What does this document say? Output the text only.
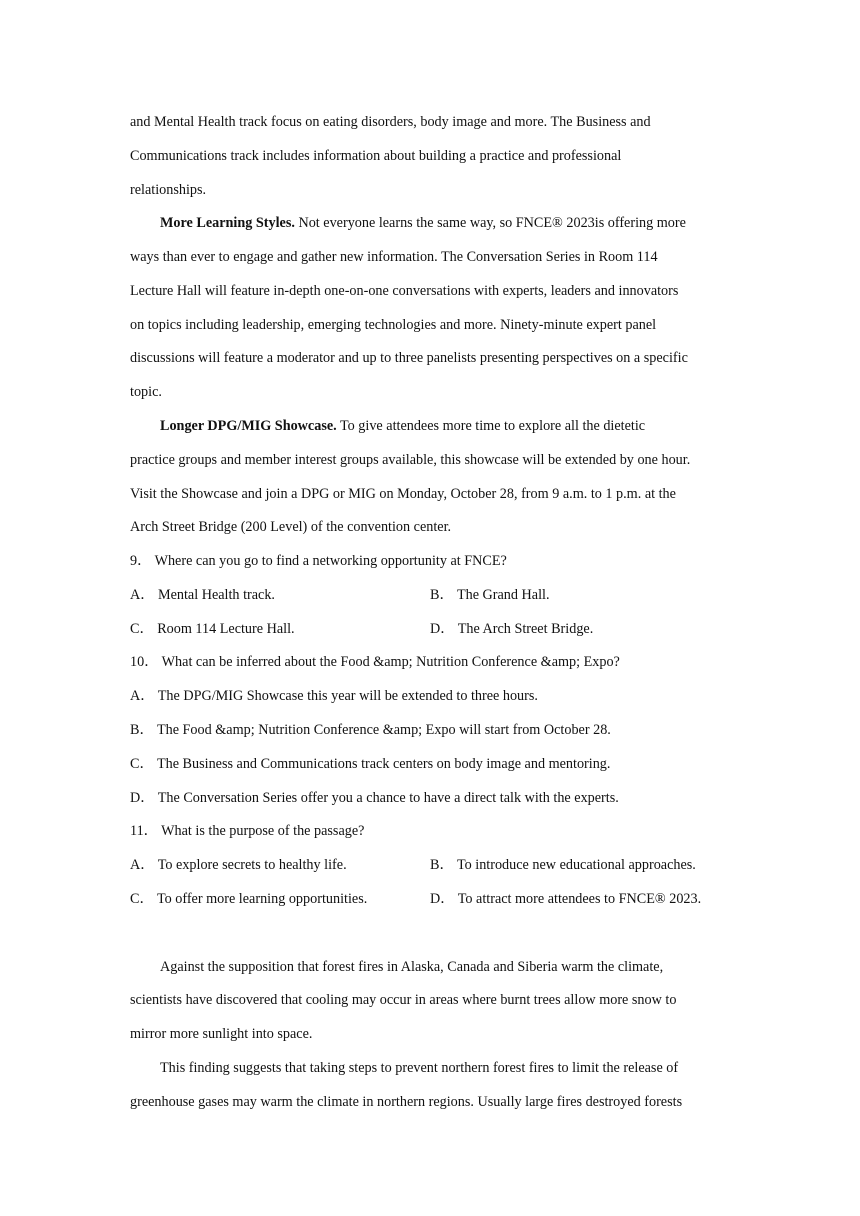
and Mental Health track focus on eating disorders, body image and more. The Business and
Communications track includes information about building a practice and professional
relationships.
More Learning Styles. Not everyone learns the same way, so FNCE® 2023is offering more
ways than ever to engage and gather new information. The Conversation Series in Room 114
Lecture Hall will feature in-depth one-on-one conversations with experts, leaders and innovators
on topics including leadership, emerging technologies and more. Ninety-minute expert panel
discussions will feature a moderator and up to three panelists presenting perspectives on a specific
topic.
Longer DPG/MIG Showcase. To give attendees more time to explore all the dietetic
practice groups and member interest groups available, this showcase will be extended by one hour.
Visit the Showcase and join a DPG or MIG on Monday, October 28, from 9 a.m. to 1 p.m. at the
Arch Street Bridge (200 Level) of the convention center.
9． Where can you go to find a networking opportunity at FNCE?
A． Mental Health track.	B． The Grand Hall.
C． Room 114 Lecture Hall.	D． The Arch Street Bridge.
10． What can be inferred about the Food &amp; Nutrition Conference &amp; Expo?
A． The DPG/MIG Showcase this year will be extended to three hours.
B． The Food &amp; Nutrition Conference &amp; Expo will start from October 28.
C． The Business and Communications track centers on body image and mentoring.
D． The Conversation Series offer you a chance to have a direct talk with the experts.
11． What is the purpose of the passage?
A． To explore secrets to healthy life.	B． To introduce new educational approaches.
C． To offer more learning opportunities.	D． To attract more attendees to FNCE® 2023.
Against the supposition that forest fires in Alaska, Canada and Siberia warm the climate,
scientists have discovered that cooling may occur in areas where burnt trees allow more snow to
mirror more sunlight into space.
This finding suggests that taking steps to prevent northern forest fires to limit the release of
greenhouse gases may warm the climate in northern regions. Usually large fires destroyed forests
